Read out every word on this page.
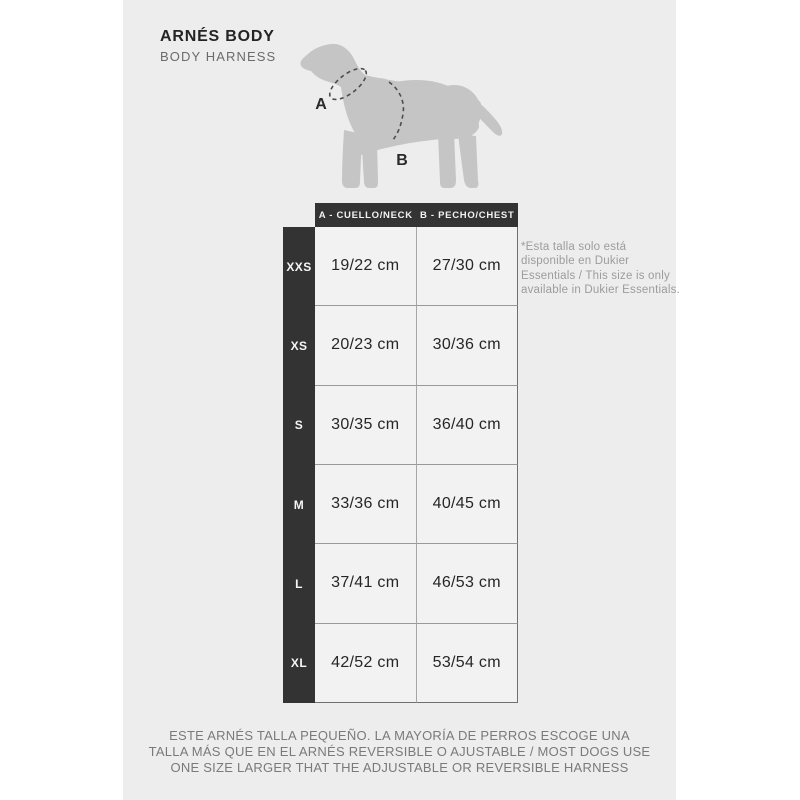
ARNÉS BODY
BODY HARNESS
A
B
A - CUELLO/NECK B - PECHO/CHEST
XXS	19/22 cm	27/30 cm
XS	20/23 cm	30/36 cm
S	30/35 cm	36/40 cm
M	33/36 cm	40/45 cm
L	37/41 cm	46/53 cm
XL	42/52 cm	53/54 cm
*Esta talla solo está disponible en Dukier Essentials / This size is only available in Dukier Essentials.
ESTE ARNÉS TALLA PEQUEÑO. LA MAYORÍA DE PERROS ESCOGE UNA
TALLA MÁS QUE EN EL ARNÉS REVERSIBLE O AJUSTABLE / MOST DOGS USE
ONE SIZE LARGER THAT THE ADJUSTABLE OR REVERSIBLE HARNESS
